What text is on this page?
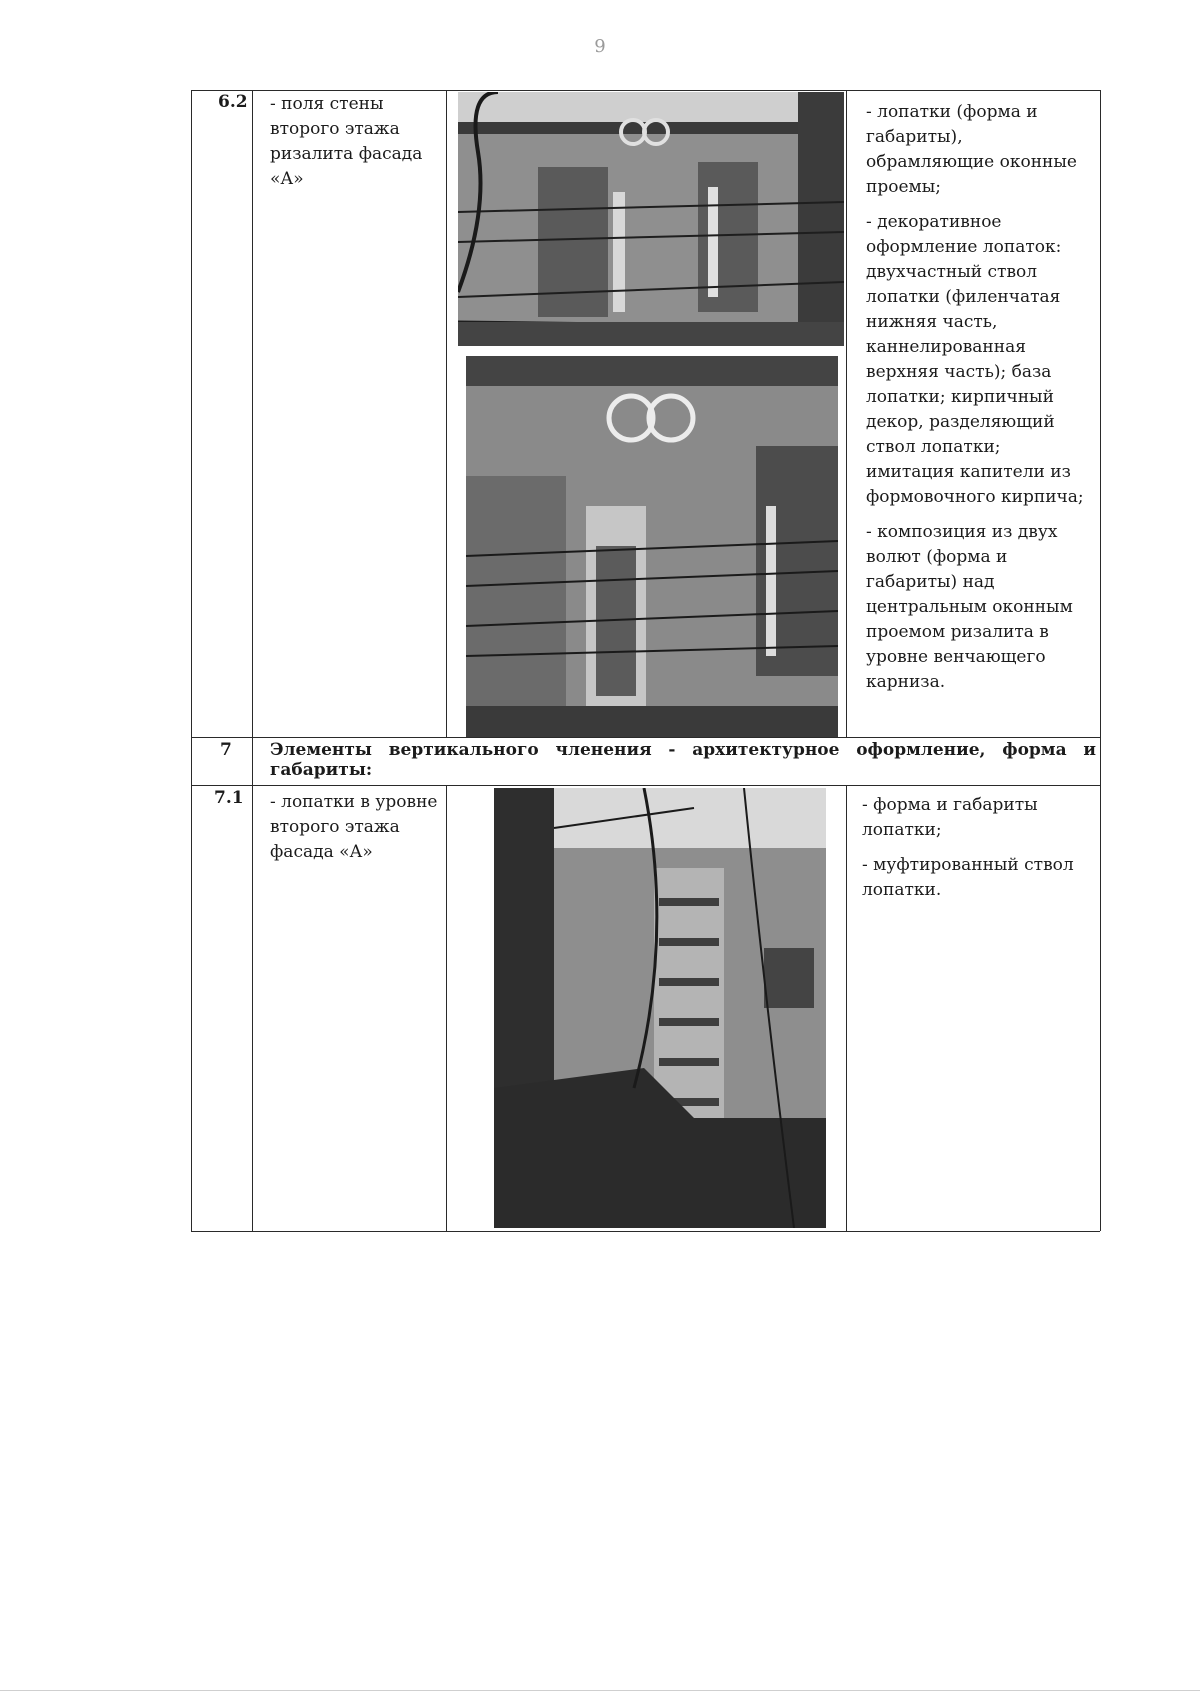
9
6.2 - поля стены второго этажа ризалита фасада «А»

- лопатки (форма и габариты), обрамляющие оконные проемы;

- декоративное оформление лопаток: двухчастный ствол лопатки (филенчатая нижняя часть, каннелированная верхняя часть); база лопатки; кирпичный декор, разделяющий ствол лопатки; имитация капители из формовочного кирпича;

- композиция из двух волют (форма и габариты) над центральным оконным проемом ризалита в уровне венчающего карниза.

7 Элементы вертикального членения - архитектурное оформление, форма и габариты:
7.1 - лопатки в уровне второго этажа фасада «А»

- форма и габариты лопатки;

- муфтированный ствол лопатки.
